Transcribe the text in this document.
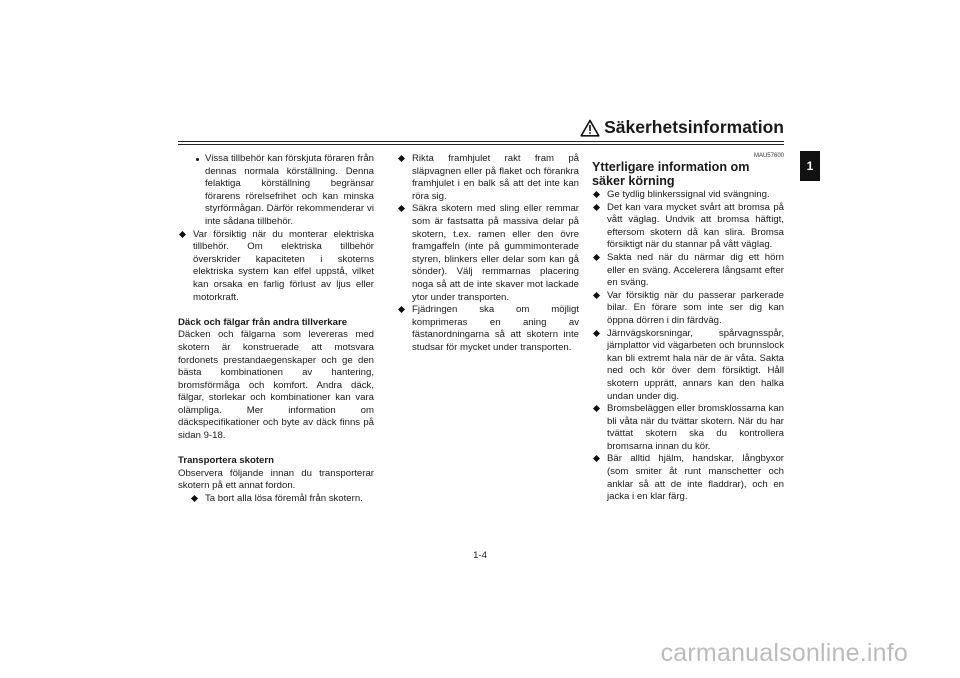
Säkerhetsinformation
1
Vissa tillbehör kan förskjuta föraren från dennas normala körställning. Denna felaktiga körställning begränsar förarens rörelsefrihet och kan minska styrförmågan. Därför rekommenderar vi inte sådana tillbehör.
Var försiktig när du monterar elektriska tillbehör. Om elektriska tillbehör överskrider kapaciteten i skoterns elektriska system kan elfel uppstå, vilket kan orsaka en farlig förlust av ljus eller motorkraft.

Däck och fälgar från andra tillverkare

Däcken och fälgarna som levereras med skotern är konstruerade att motsvara fordonets prestandaegenskaper och ge den bästa kombinationen av hantering, bromsförmåga och komfort. Andra däck, fälgar, storlekar och kombinationer kan vara olämpliga. Mer information om däckspecifikationer och byte av däck finns på sidan 9-18.

Transportera skotern

Observera följande innan du transporterar skotern på ett annat fordon.

Ta bort alla lösa föremål från skotern.
Rikta framhjulet rakt fram på släpvagnen eller på flaket och förankra framhjulet i en balk så att det inte kan röra sig.
Säkra skotern med sling eller remmar som är fastsatta på massiva delar på skotern, t.ex. ramen eller den övre framgaffeln (inte på gummimonterade styren, blinkers eller delar som kan gå sönder). Välj remmarnas placering noga så att de inte skaver mot lackade ytor under transporten.
Fjädringen ska om möjligt komprimeras en aning av fästanordningarna så att skotern inte studsar för mycket under transporten.
MAU57600
Ytterligare information om säker körning
Ge tydlig blinkerssignal vid svängning.
Det kan vara mycket svårt att bromsa på vått väglag. Undvik att bromsa häftigt, eftersom skotern då kan slira. Bromsa försiktigt när du stannar på vått väglag.
Sakta ned när du närmar dig ett hörn eller en sväng. Accelerera långsamt efter en sväng.
Var försiktig när du passerar parkerade bilar. En förare som inte ser dig kan öppna dörren i din färdväg.
Järnvägskorsningar, spårvagnsspår, järnplattor vid vägarbeten och brunnslock kan bli extremt hala när de är våta. Sakta ned och kör över dem försiktigt. Håll skotern upprätt, annars kan den halka undan under dig.
Bromsbeläggen eller bromsklossarna kan bli våta när du tvättar skotern. När du har tvättat skotern ska du kontrollera bromsarna innan du kör.
Bär alltid hjälm, handskar, långbyxor (som smiter åt runt manschetter och anklar så att de inte fladdrar), och en jacka i en klar färg.
1-4
carmanualsonline.info
